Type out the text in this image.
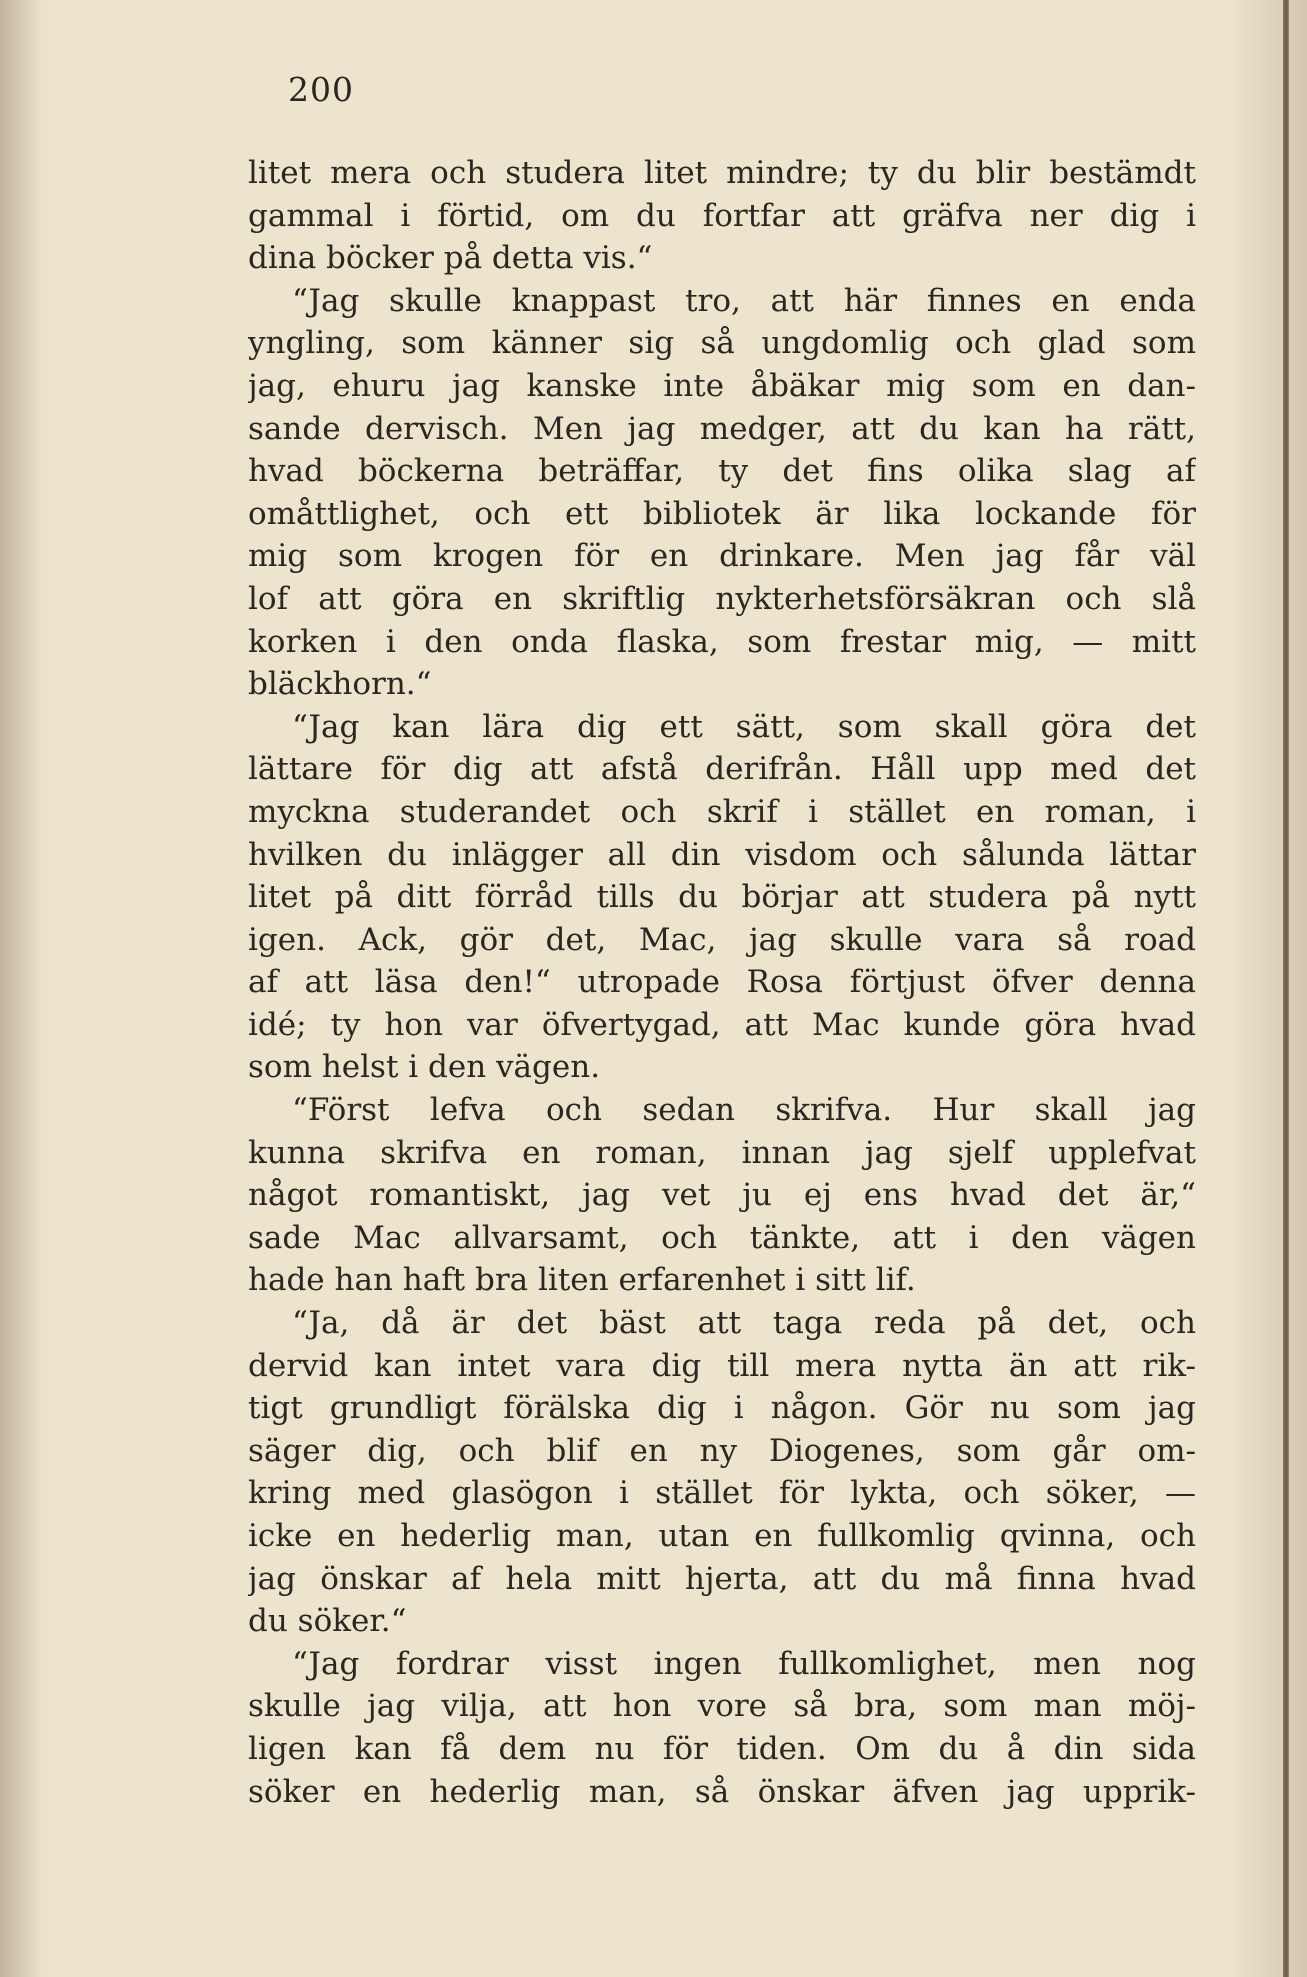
200
litet mera och studera litet mindre; ty du blir bestämdt
gammal i förtid, om du fortfar att gräfva ner dig i
dina böcker på detta vis.“
“Jag skulle knappast tro, att här finnes en enda
yngling, som känner sig så ungdomlig och glad som
jag, ehuru jag kanske inte åbäkar mig som en dan-
sande dervisch. Men jag medger, att du kan ha rätt,
hvad böckerna beträffar, ty det fins olika slag af
omåttlighet, och ett bibliotek är lika lockande för
mig som krogen för en drinkare. Men jag får väl
lof att göra en skriftlig nykterhetsförsäkran och slå
korken i den onda flaska, som frestar mig, — mitt
bläckhorn.“
“Jag kan lära dig ett sätt, som skall göra det
lättare för dig att afstå derifrån. Håll upp med det
myckna studerandet och skrif i stället en roman, i
hvilken du inlägger all din visdom och sålunda lättar
litet på ditt förråd tills du börjar att studera på nytt
igen. Ack, gör det, Mac, jag skulle vara så road
af att läsa den!“ utropade Rosa förtjust öfver denna
idé; ty hon var öfvertygad, att Mac kunde göra hvad
som helst i den vägen.
“Först lefva och sedan skrifva. Hur skall jag
kunna skrifva en roman, innan jag sjelf upplefvat
något romantiskt, jag vet ju ej ens hvad det är,“
sade Mac allvarsamt, och tänkte, att i den vägen
hade han haft bra liten erfarenhet i sitt lif.
“Ja, då är det bäst att taga reda på det, och
dervid kan intet vara dig till mera nytta än att rik-
tigt grundligt förälska dig i någon. Gör nu som jag
säger dig, och blif en ny Diogenes, som går om-
kring med glasögon i stället för lykta, och söker, —
icke en hederlig man, utan en fullkomlig qvinna, och
jag önskar af hela mitt hjerta, att du må finna hvad
du söker.“
“Jag fordrar visst ingen fullkomlighet, men nog
skulle jag vilja, att hon vore så bra, som man möj-
ligen kan få dem nu för tiden. Om du å din sida
söker en hederlig man, så önskar äfven jag upprik-
